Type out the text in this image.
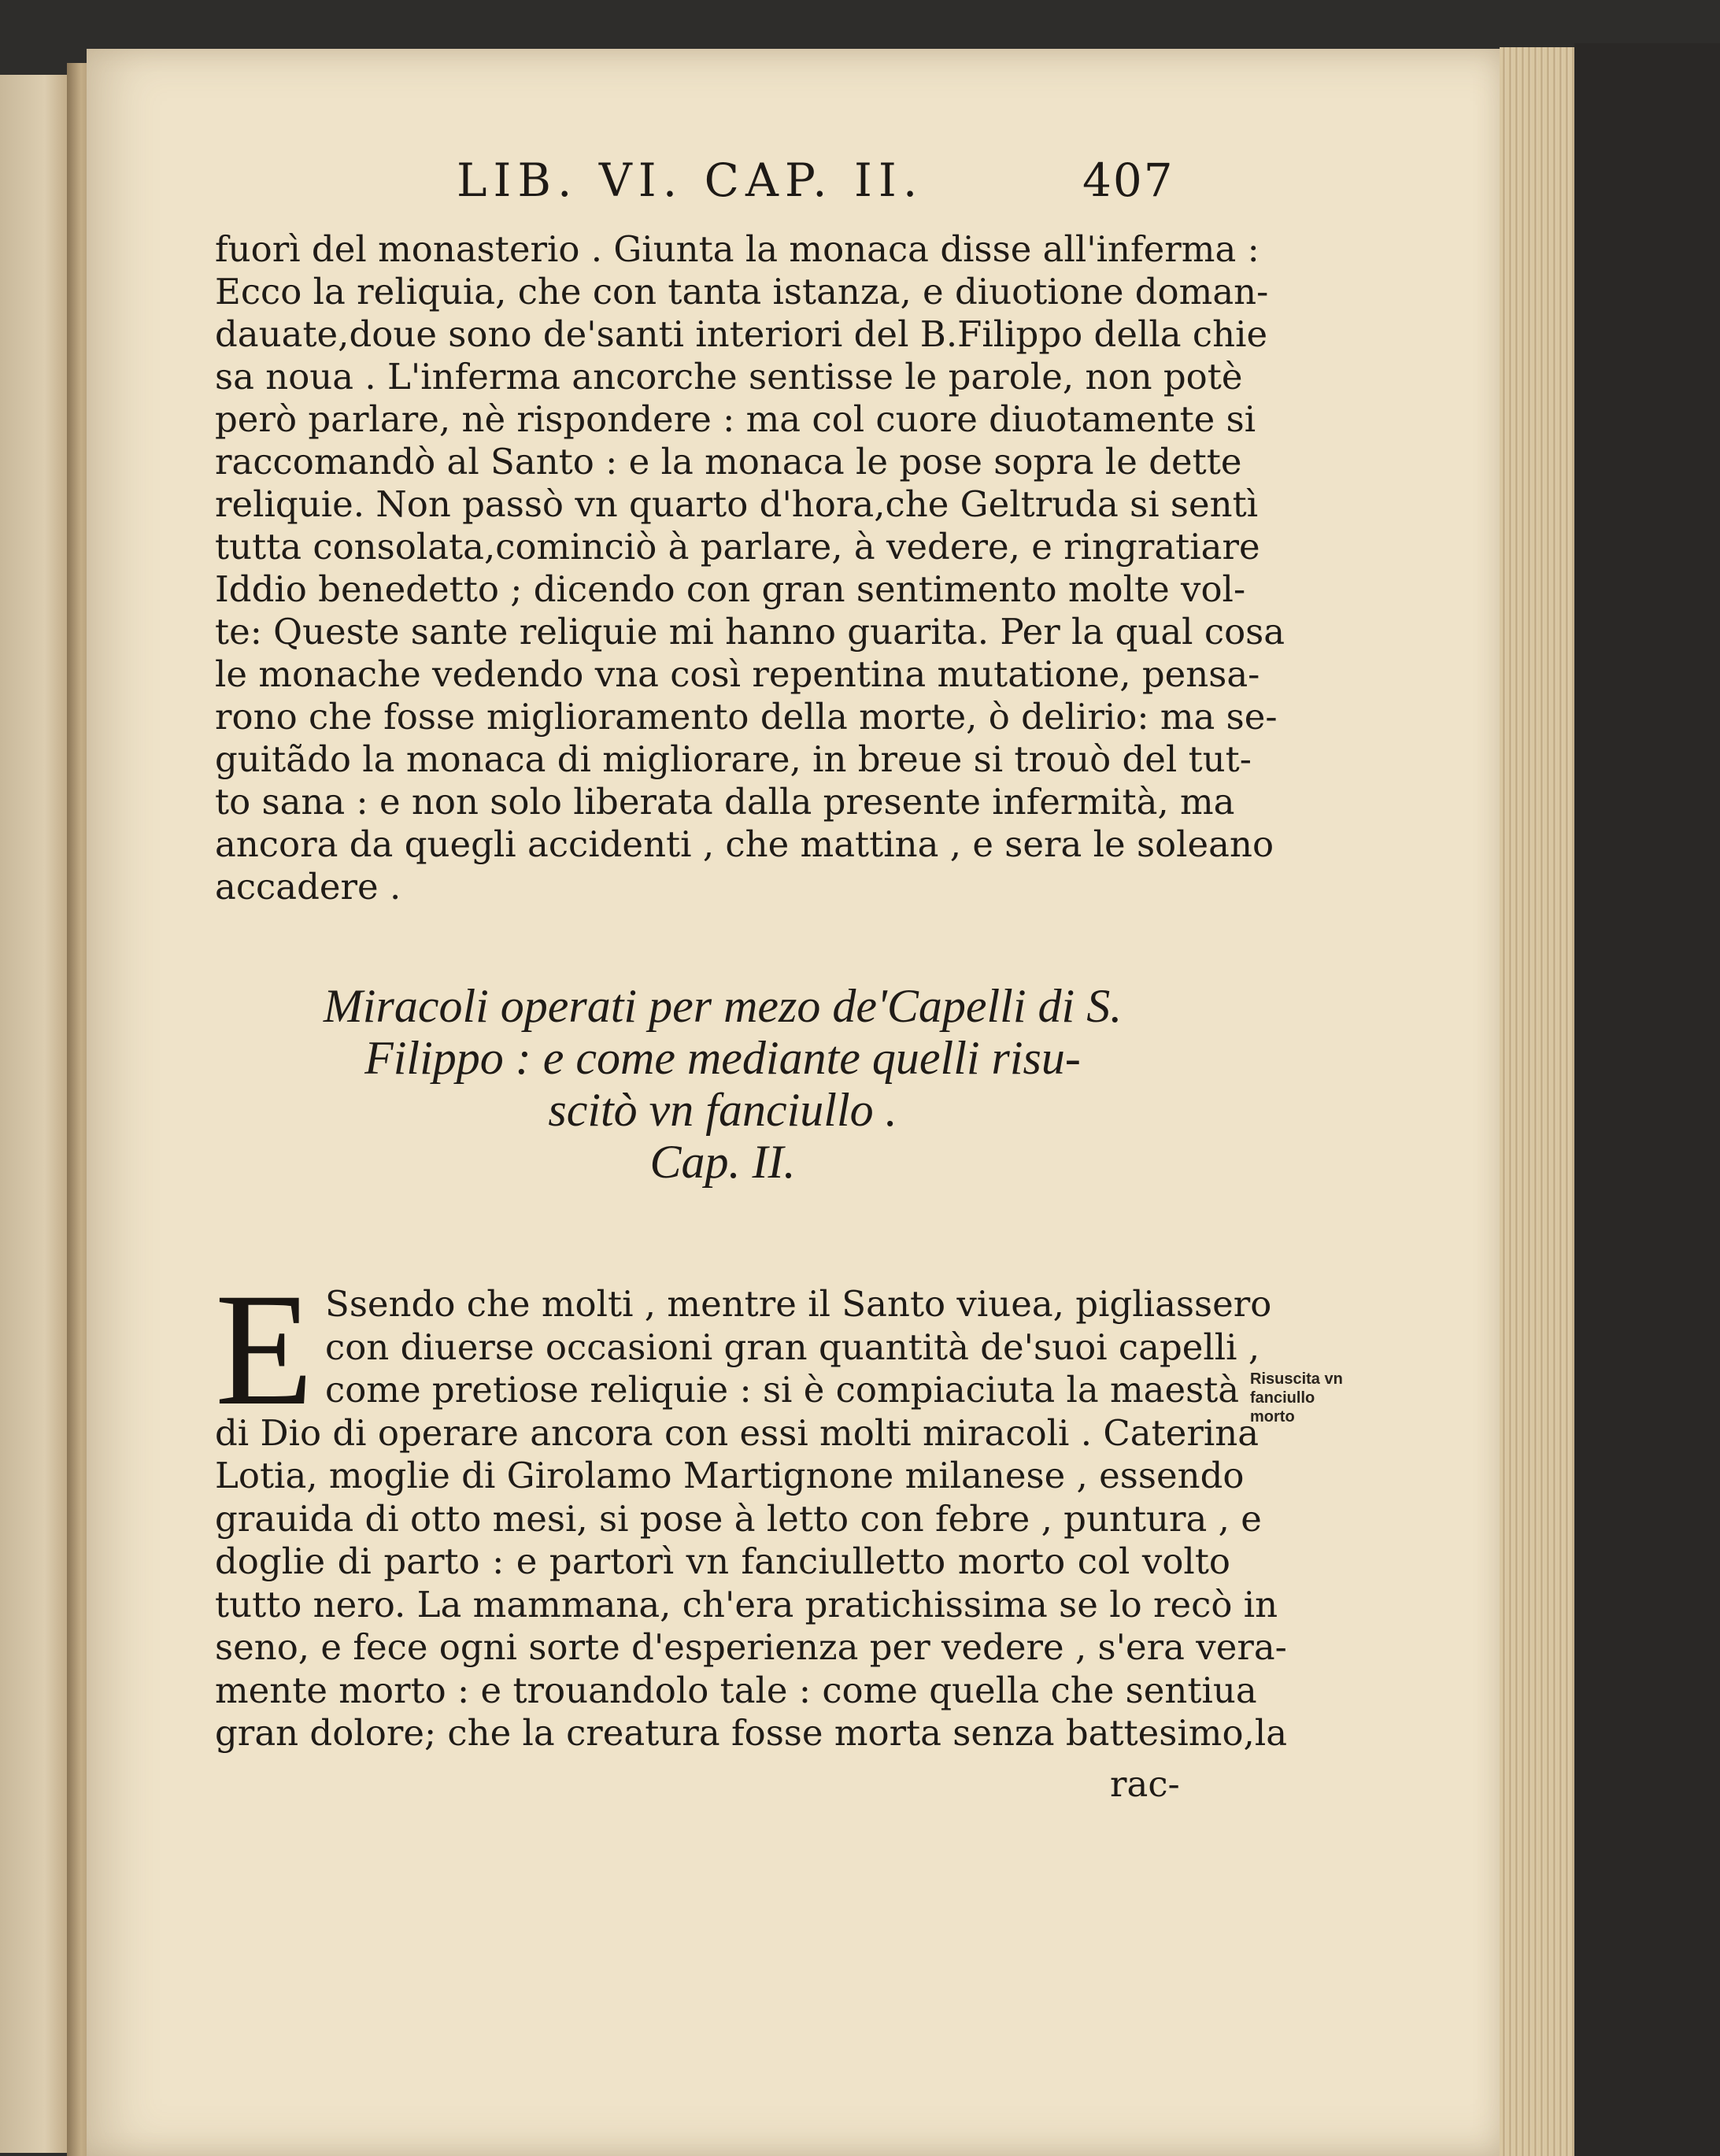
LIB. VI. CAP. II.	407
fuorì del monasterio . Giunta la monaca disse all'inferma :
Ecco la reliquia, che con tanta istanza, e diuotione doman-
dauate,doue sono de'santi interiori del B.Filippo della chie
sa noua . L'inferma ancorche sentisse le parole, non potè
però parlare, nè rispondere : ma col cuore diuotamente si
raccomandò al Santo : e la monaca le pose sopra le dette
reliquie. Non passò vn quarto d'hora,che Geltruda si sentì
tutta consolata,cominciò à parlare, à vedere, e ringratiare
Iddio benedetto ; dicendo con gran sentimento molte vol-
te: Queste sante reliquie mi hanno guarita. Per la qual cosa
le monache vedendo vna così repentina mutatione, pensa-
rono che fosse miglioramento della morte, ò delirio: ma se-
guitãdo la monaca di migliorare, in breue si trouò del tut-
to sana : e non solo liberata dalla presente infermità, ma
ancora da quegli accidenti , che mattina , e sera le soleano
accadere .
Miracoli operati per mezo de'Capelli di S.
Filippo : e come mediante quelli risu-
scitò vn fanciullo .
Cap. II.
E Ssendo che molti , mentre il Santo viuea, pigliassero
con diuerse occasioni gran quantità de'suoi capelli ,
come pretiose reliquie : si è compiaciuta la maestà
di Dio di operare ancora con essi molti miracoli . Caterina
Lotia, moglie di Girolamo Martignone milanese , essendo
grauida di otto mesi, si pose à letto con febre , puntura , e
doglie di parto : e partorì vn fanciulletto morto col volto
tutto nero. La mammana, ch'era pratichissima se lo recò in
seno, e fece ogni sorte d'esperienza per vedere , s'era vera-
mente morto : e trouandolo tale : come quella che sentiua
gran dolore; che la creatura fosse morta senza battesimo,la
Risuscita vn
fanciullo
morto
rac-
